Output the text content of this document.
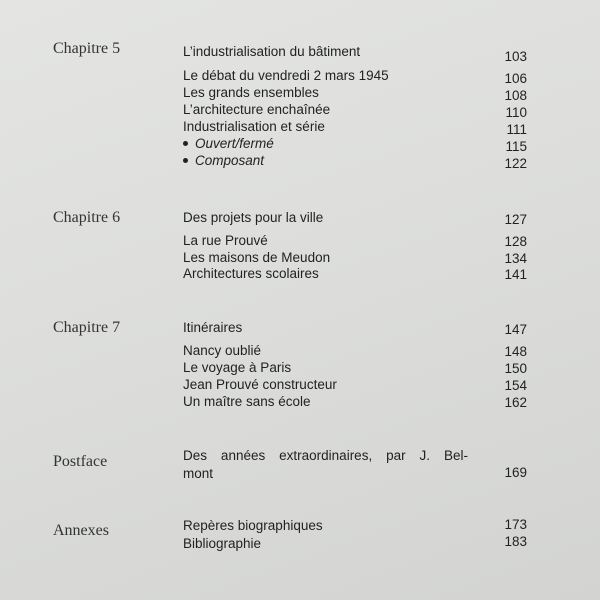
Chapitre 5	L’industrialisation du bâtiment	103
Le débat du vendredi 2 mars 1945	106
Les grands ensembles	108
L’architecture enchaînée	110
Industrialisation et série	111
Ouvert/fermé	115
Composant	122
Chapitre 6	Des projets pour la ville	127
La rue Prouvé	128
Les maisons de Meudon	134
Architectures scolaires	141
Chapitre 7	Itinéraires	147
Nancy oublié	148
Le voyage à Paris	150
Jean Prouvé constructeur	154
Un maître sans école	162
Postface	Des années extraordinaires, par J. Bel- mont	169
Annexes	Repères biographiques	173
Bibliographie	183
